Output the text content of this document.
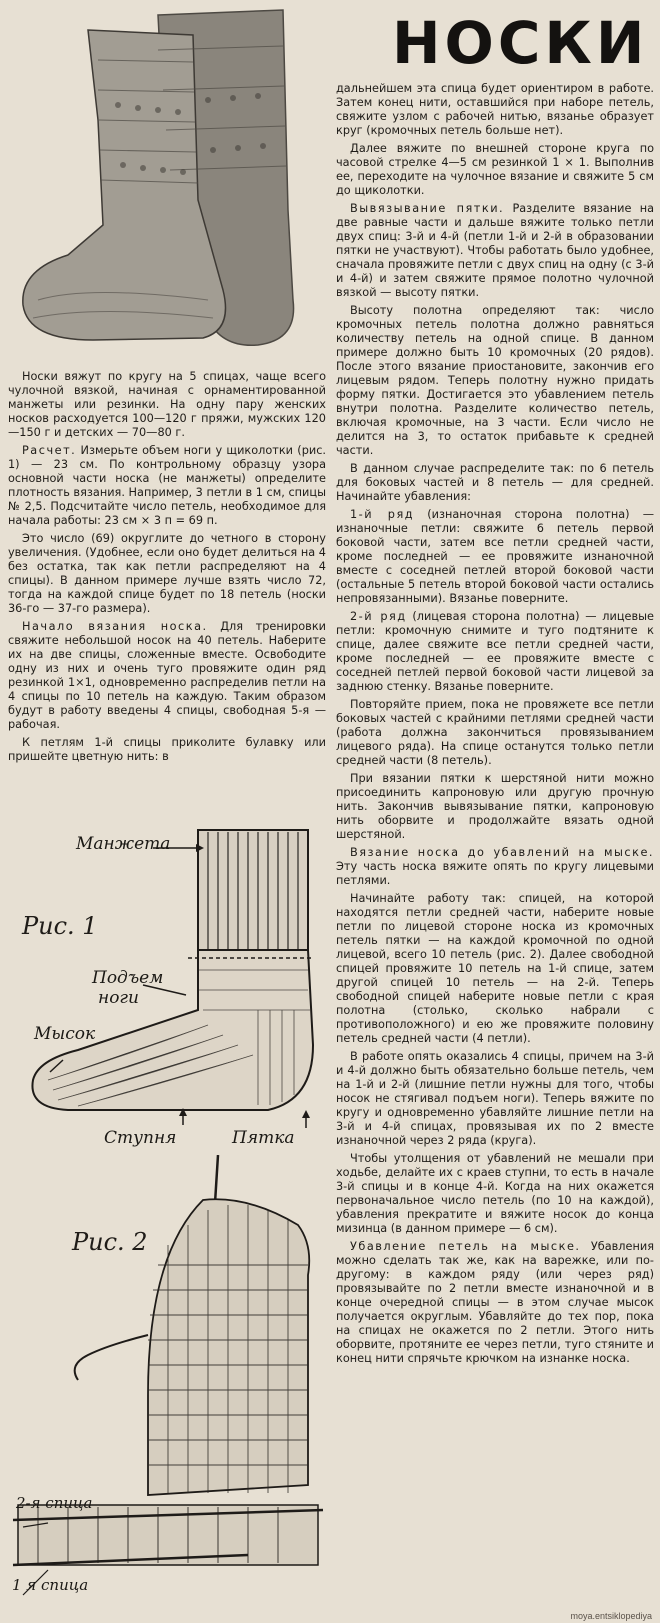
НОСКИ

Носки вяжут по кругу на 5 спицах, чаще всего чулочной вязкой, начиная с орнаментированной манжеты или резинки. На одну пару женских носков расходуется 100—120 г пряжи, мужских 120—150 г и детских — 70—80 г.

Расчет. Измерьте объем ноги у щиколотки (рис. 1) — 23 см. По контрольному образцу узора основной части носка (не манжеты) определите плотность вязания. Например, 3 петли в 1 см, спицы № 2,5. Подсчитайте число петель, необходимое для начала работы: 23 см × 3 п = 69 п.

Это число (69) округлите до четного в сторону увеличения. (Удобнее, если оно будет делиться на 4 без остатка, так как петли распределяют на 4 спицы). В данном примере лучше взять число 72, тогда на каждой спице будет по 18 петель (носки 36-го — 37-го размера).

Начало вязания носка. Для тренировки свяжите небольшой носок на 40 петель. Наберите их на две спицы, сложенные вместе. Освободите одну из них и очень туго провяжите один ряд резинкой 1×1, одновременно распределив петли на 4 спицы по 10 петель на каждую. Таким образом будут в работу введены 4 спицы, свободная 5-я — рабочая.

К петлям 1-й спицы приколите булавку или пришейте цветную нить: в

Манжета
Рис. 1
Подъем
ноги
Мысок
Ступня	Пятка
Рис. 2
2-я спица
1 я спица

дальнейшем эта спица будет ориентиром в работе. Затем конец нити, оставшийся при наборе петель, свяжите узлом с рабочей нитью, вязанье образует круг (кромочных петель больше нет).

Далее вяжите по внешней стороне круга по часовой стрелке 4—5 см резинкой 1 × 1. Выполнив ее, переходите на чулочное вязание и свяжите 5 см до щиколотки.

Вывязывание пятки. Разделите вязание на две равные части и дальше вяжите только петли двух спиц: 3-й и 4-й (петли 1-й и 2-й в образовании пятки не участвуют). Чтобы работать было удобнее, сначала провяжите петли с двух спиц на одну (с 3-й и 4-й) и затем свяжите прямое полотно чулочной вязкой — высоту пятки.

Высоту полотна определяют так: число кромочных петель полотна должно равняться количеству петель на одной спице. В данном примере должно быть 10 кромочных (20 рядов). После этого вязание приостановите, закончив его лицевым рядом. Теперь полотну нужно придать форму пятки. Достигается это убавлением петель внутри полотна. Разделите количество петель, включая кромочные, на 3 части. Если число не делится на 3, то остаток прибавьте к средней части.

В данном случае распределите так: по 6 петель для боковых частей и 8 петель — для средней. Начинайте убавления:

1-й ряд (изнаночная сторона полотна) — изнаночные петли: свяжите 6 петель первой боковой части, затем все петли средней части, кроме последней — ее провяжите изнаночной вместе с соседней петлей второй боковой части (остальные 5 петель второй боковой части остались непровязанными). Вязанье поверните.

2-й ряд (лицевая сторона полотна) — лицевые петли: кромочную снимите и туго подтяните к спице, далее свяжите все петли средней части, кроме последней — ее провяжите вместе с соседней петлей первой боковой части лицевой за заднюю стенку. Вязанье поверните.

Повторяйте прием, пока не провяжете все петли боковых частей с крайними петлями средней части (работа должна закончиться провязыванием лицевого ряда). На спице останутся только петли средней части (8 петель).

При вязании пятки к шерстяной нити можно присоединить капроновую или другую прочную нить. Закончив вывязывание пятки, капроновую нить оборвите и продолжайте вязать одной шерстяной.

Вязание носка до убавлений на мыске. Эту часть носка вяжите опять по кругу лицевыми петлями.

Начинайте работу так: спицей, на которой находятся петли средней части, наберите новые петли по лицевой стороне носка из кромочных петель пятки — на каждой кромочной по одной лицевой, всего 10 петель (рис. 2). Далее свободной спицей провяжите 10 петель на 1-й спице, затем другой спицей 10 петель — на 2-й. Теперь свободной спицей наберите новые петли с края полотна (столько, сколько набрали с противоположного) и ею же провяжите половину петель средней части (4 петли).

В работе опять оказались 4 спицы, причем на 3-й и 4-й должно быть обязательно больше петель, чем на 1-й и 2-й (лишние петли нужны для того, чтобы носок не стягивал подъем ноги). Теперь вяжите по кругу и одновременно убавляйте лишние петли на 3-й и 4-й спицах, провязывая их по 2 вместе изнаночной через 2 ряда (кругa).

Чтобы утолщения от убавлений не мешали при ходьбе, делайте их с краев ступни, то есть в начале 3-й спицы и в конце 4-й. Когда на них окажется первоначальное число петель (по 10 на каждой), убавления прекратите и вяжите носок до конца мизинца (в данном примере — 6 см).

Убавление петель на мыске. Убавления можно сделать так же, как на варежке, или по-другому: в каждом ряду (или через ряд) провязывайте по 2 петли вместе изнаночной и в конце очередной спицы — в этом случае мысок получается округлым. Убавляйте до тех пор, пока на спицах не окажется по 2 петли. Этого нить оборвите, протяните ее через петли, туго стяните и конец нити спрячьте крючком на изнанке носка.

moya.entsiklopediya
